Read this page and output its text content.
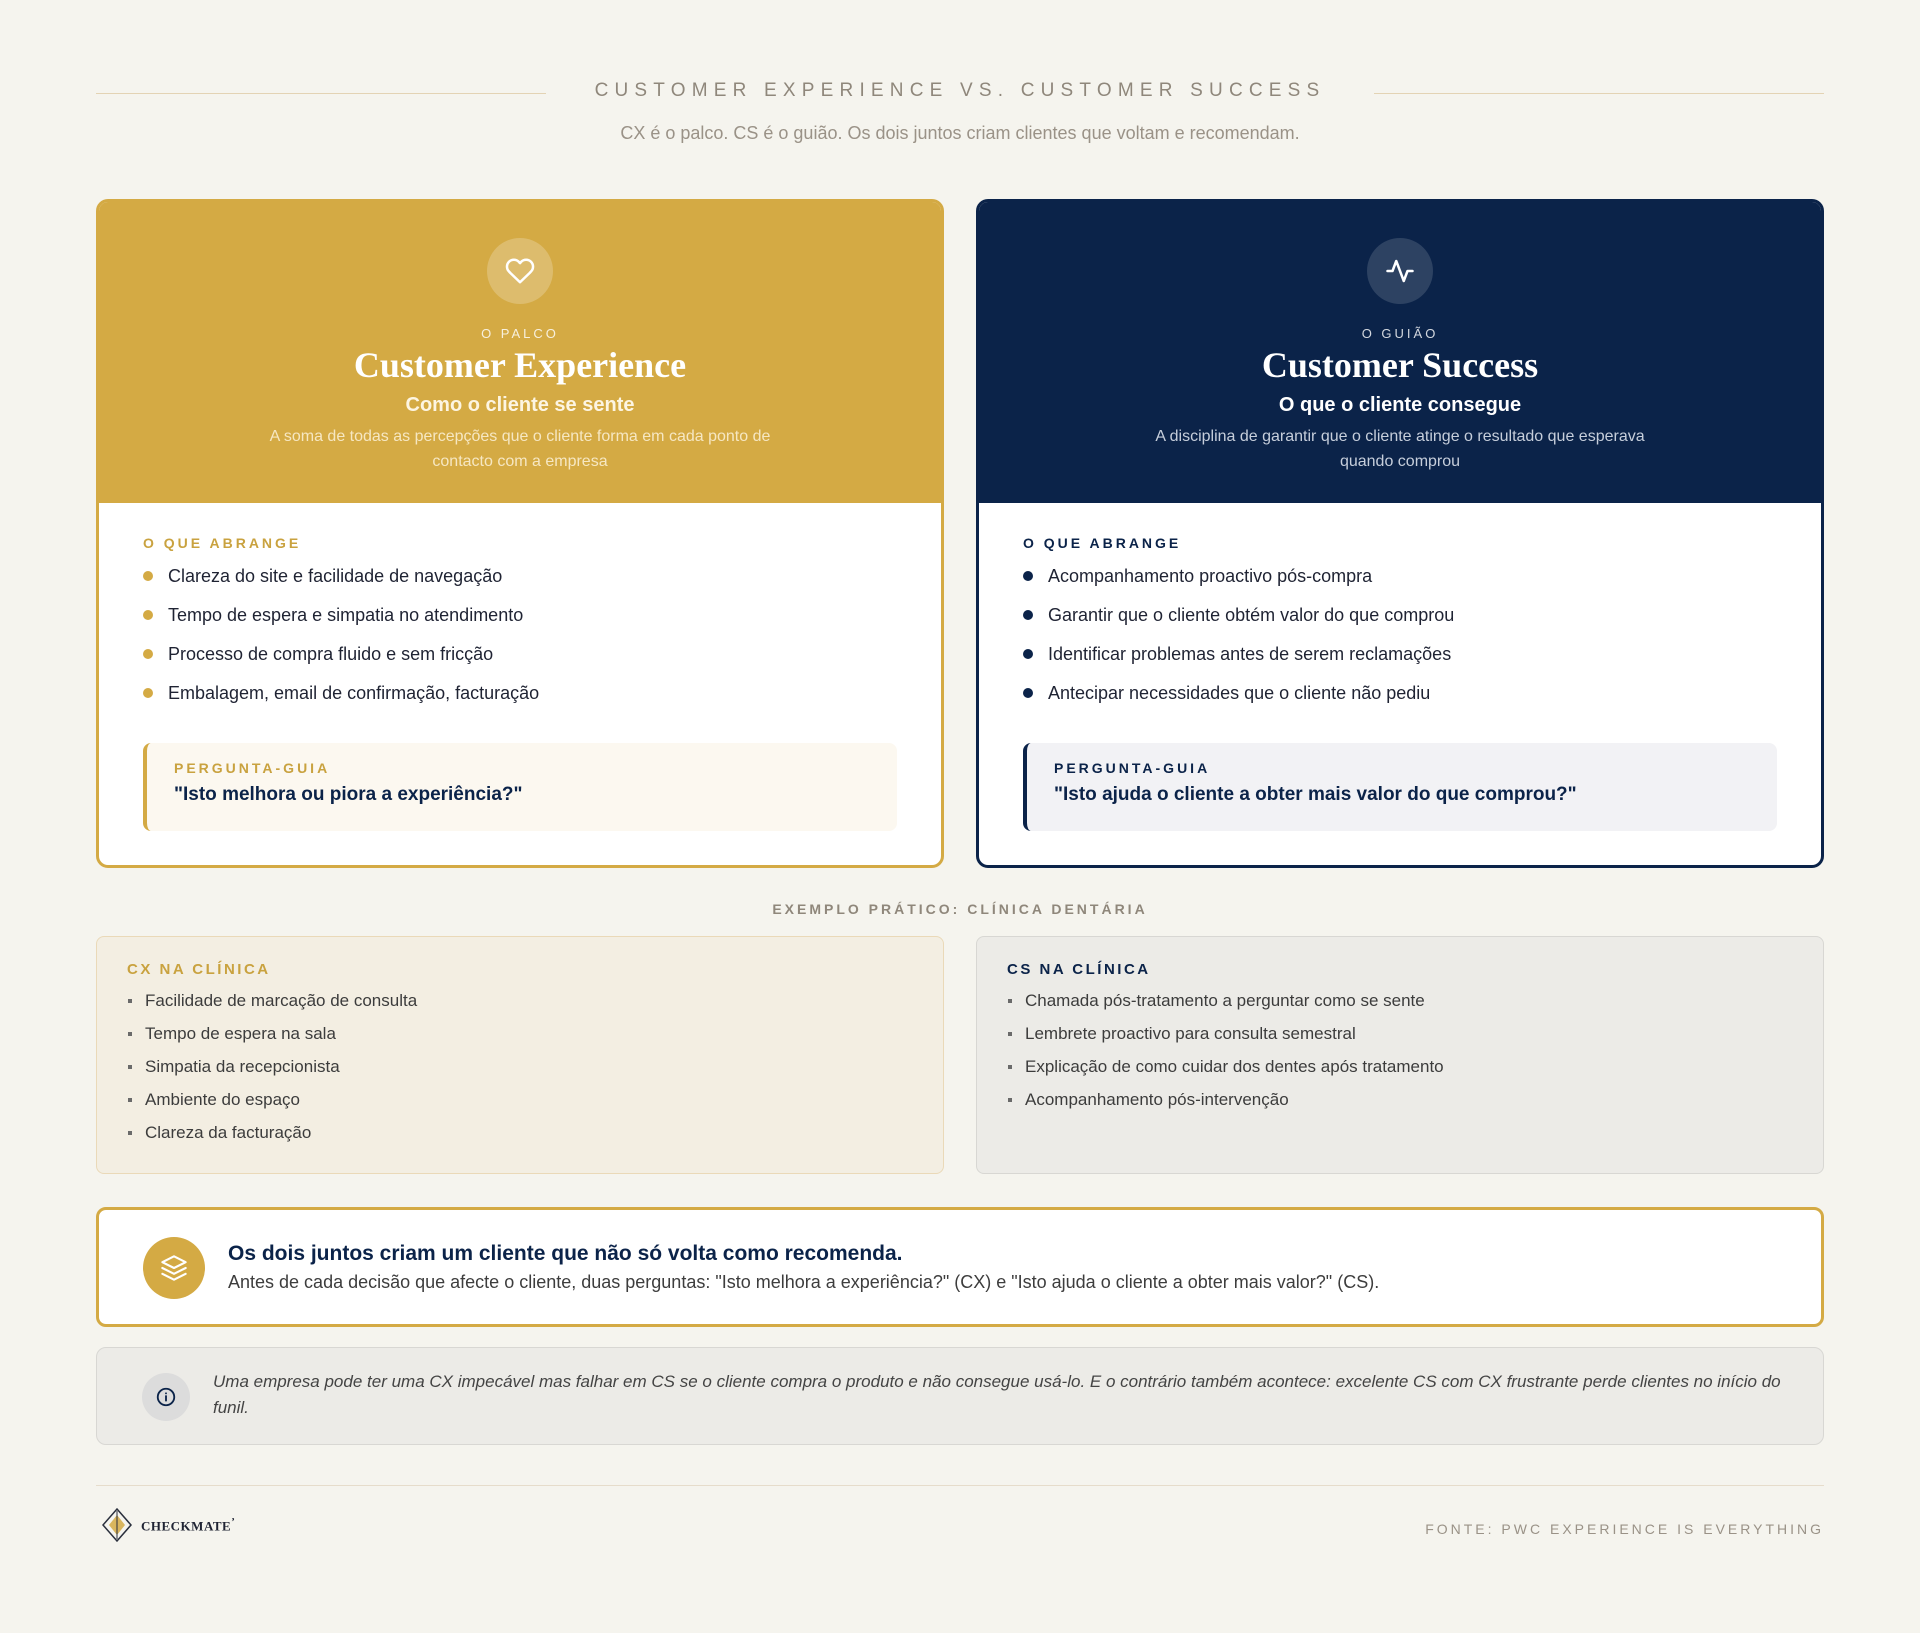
CUSTOMER EXPERIENCE VS. CUSTOMER SUCCESS

CX é o palco. CS é o guião. Os dois juntos criam clientes que voltam e recomendam.

O PALCO
Customer Experience
Como o cliente se sente
A soma de todas as percepções que o cliente forma em cada ponto de contacto com a empresa
O QUE ABRANGE
Clareza do site e facilidade de navegação
Tempo de espera e simpatia no atendimento
Processo de compra fluido e sem fricção
Embalagem, email de confirmação, facturação
PERGUNTA-GUIA
"Isto melhora ou piora a experiência?"
O GUIÃO
Customer Success
O que o cliente consegue
A disciplina de garantir que o cliente atinge o resultado que esperava quando comprou
O QUE ABRANGE
Acompanhamento proactivo pós-compra
Garantir que o cliente obtém valor do que comprou
Identificar problemas antes de serem reclamações
Antecipar necessidades que o cliente não pediu
PERGUNTA-GUIA
"Isto ajuda o cliente a obter mais valor do que comprou?"
EXEMPLO PRÁTICO: CLÍNICA DENTÁRIA
CX NA CLÍNICA
Facilidade de marcação de consulta
Tempo de espera na sala
Simpatia da recepcionista
Ambiente do espaço
Clareza da facturação
CS NA CLÍNICA
Chamada pós-tratamento a perguntar como se sente
Lembrete proactivo para consulta semestral
Explicação de como cuidar dos dentes após tratamento
Acompanhamento pós-intervenção
Os dois juntos criam um cliente que não só volta como recomenda.
Antes de cada decisão que afecte o cliente, duas perguntas: "Isto melhora a experiência?" (CX) e "Isto ajuda o cliente a obter mais valor?" (CS).
Uma empresa pode ter uma CX impecável mas falhar em CS se o cliente compra o produto e não consegue usá-lo. E o contrário também acontece: excelente CS com CX frustrante perde clientes no início do funil.
CHECKMATE’	FONTE: PWC EXPERIENCE IS EVERYTHING
